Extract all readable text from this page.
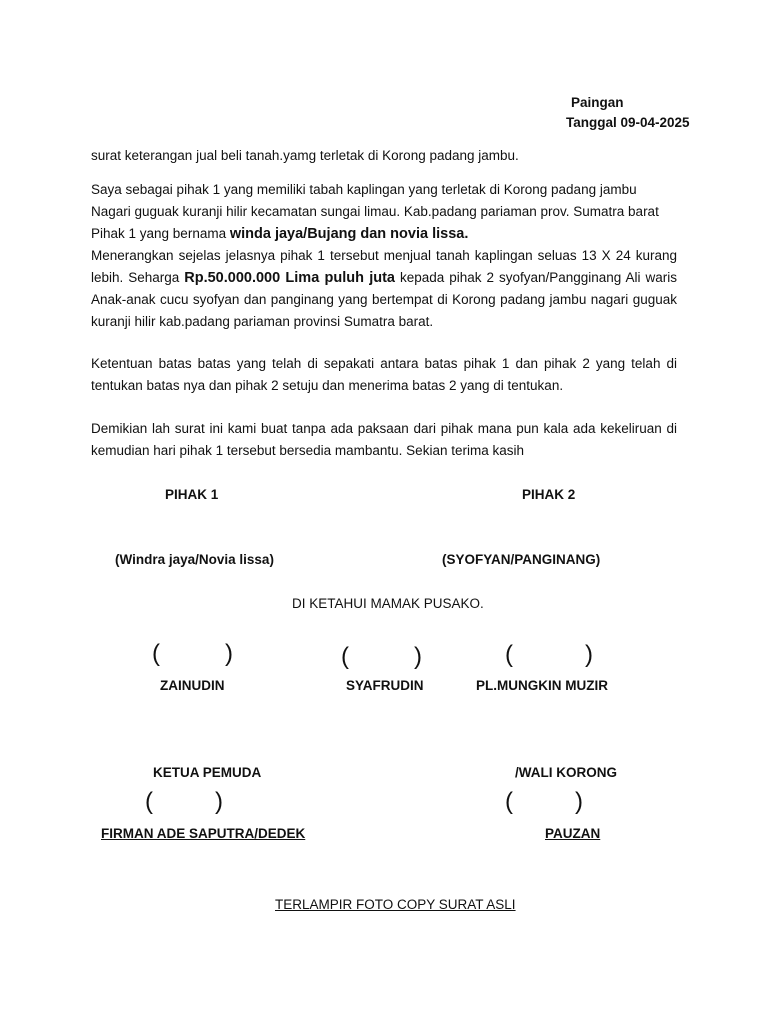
Paingan
Tanggal 09-04-2025
surat keterangan jual beli tanah.yamg terletak di Korong padang jambu.
Saya sebagai pihak 1 yang memiliki tabah kaplingan yang terletak di Korong padang jambu
Nagari guguak kuranji hilir kecamatan sungai limau. Kab.padang pariaman prov. Sumatra barat
Pihak 1 yang bernama winda jaya/Bujang dan novia lissa.
Menerangkan sejelas jelasnya pihak 1 tersebut menjual tanah kaplingan seluas 13 X 24 kurang
lebih. Seharga Rp.50.000.000 Lima puluh juta kepada pihak 2 syofyan/Pangginang Ali waris
Anak-anak cucu syofyan dan panginang yang bertempat di Korong padang jambu nagari guguak
kuranji hilir kab.padang pariaman provinsi Sumatra barat.
Ketentuan batas batas yang telah di sepakati antara batas pihak 1 dan pihak 2 yang telah di
tentukan batas nya dan pihak 2 setuju dan menerima batas 2 yang di tentukan.
Demikian lah surat ini kami buat tanpa ada paksaan dari pihak mana pun kala ada kekeliruan di
kemudian hari pihak 1 tersebut bersedia mambantu. Sekian terima kasih
PIHAK 1	PIHAK 2
(Windra jaya/Novia lissa)	(SYOFYAN/PANGINANG)
DI KETAHUI MAMAK PUSAKO.
(	)	(	)	(	)
ZAINUDIN	SYAFRUDIN	PL.MUNGKIN MUZIR
KETUA PEMUDA	/WALI KORONG
(	)	(	)
FIRMAN ADE SAPUTRA/DEDEK	PAUZAN
TERLAMPIR FOTO COPY SURAT ASLI
